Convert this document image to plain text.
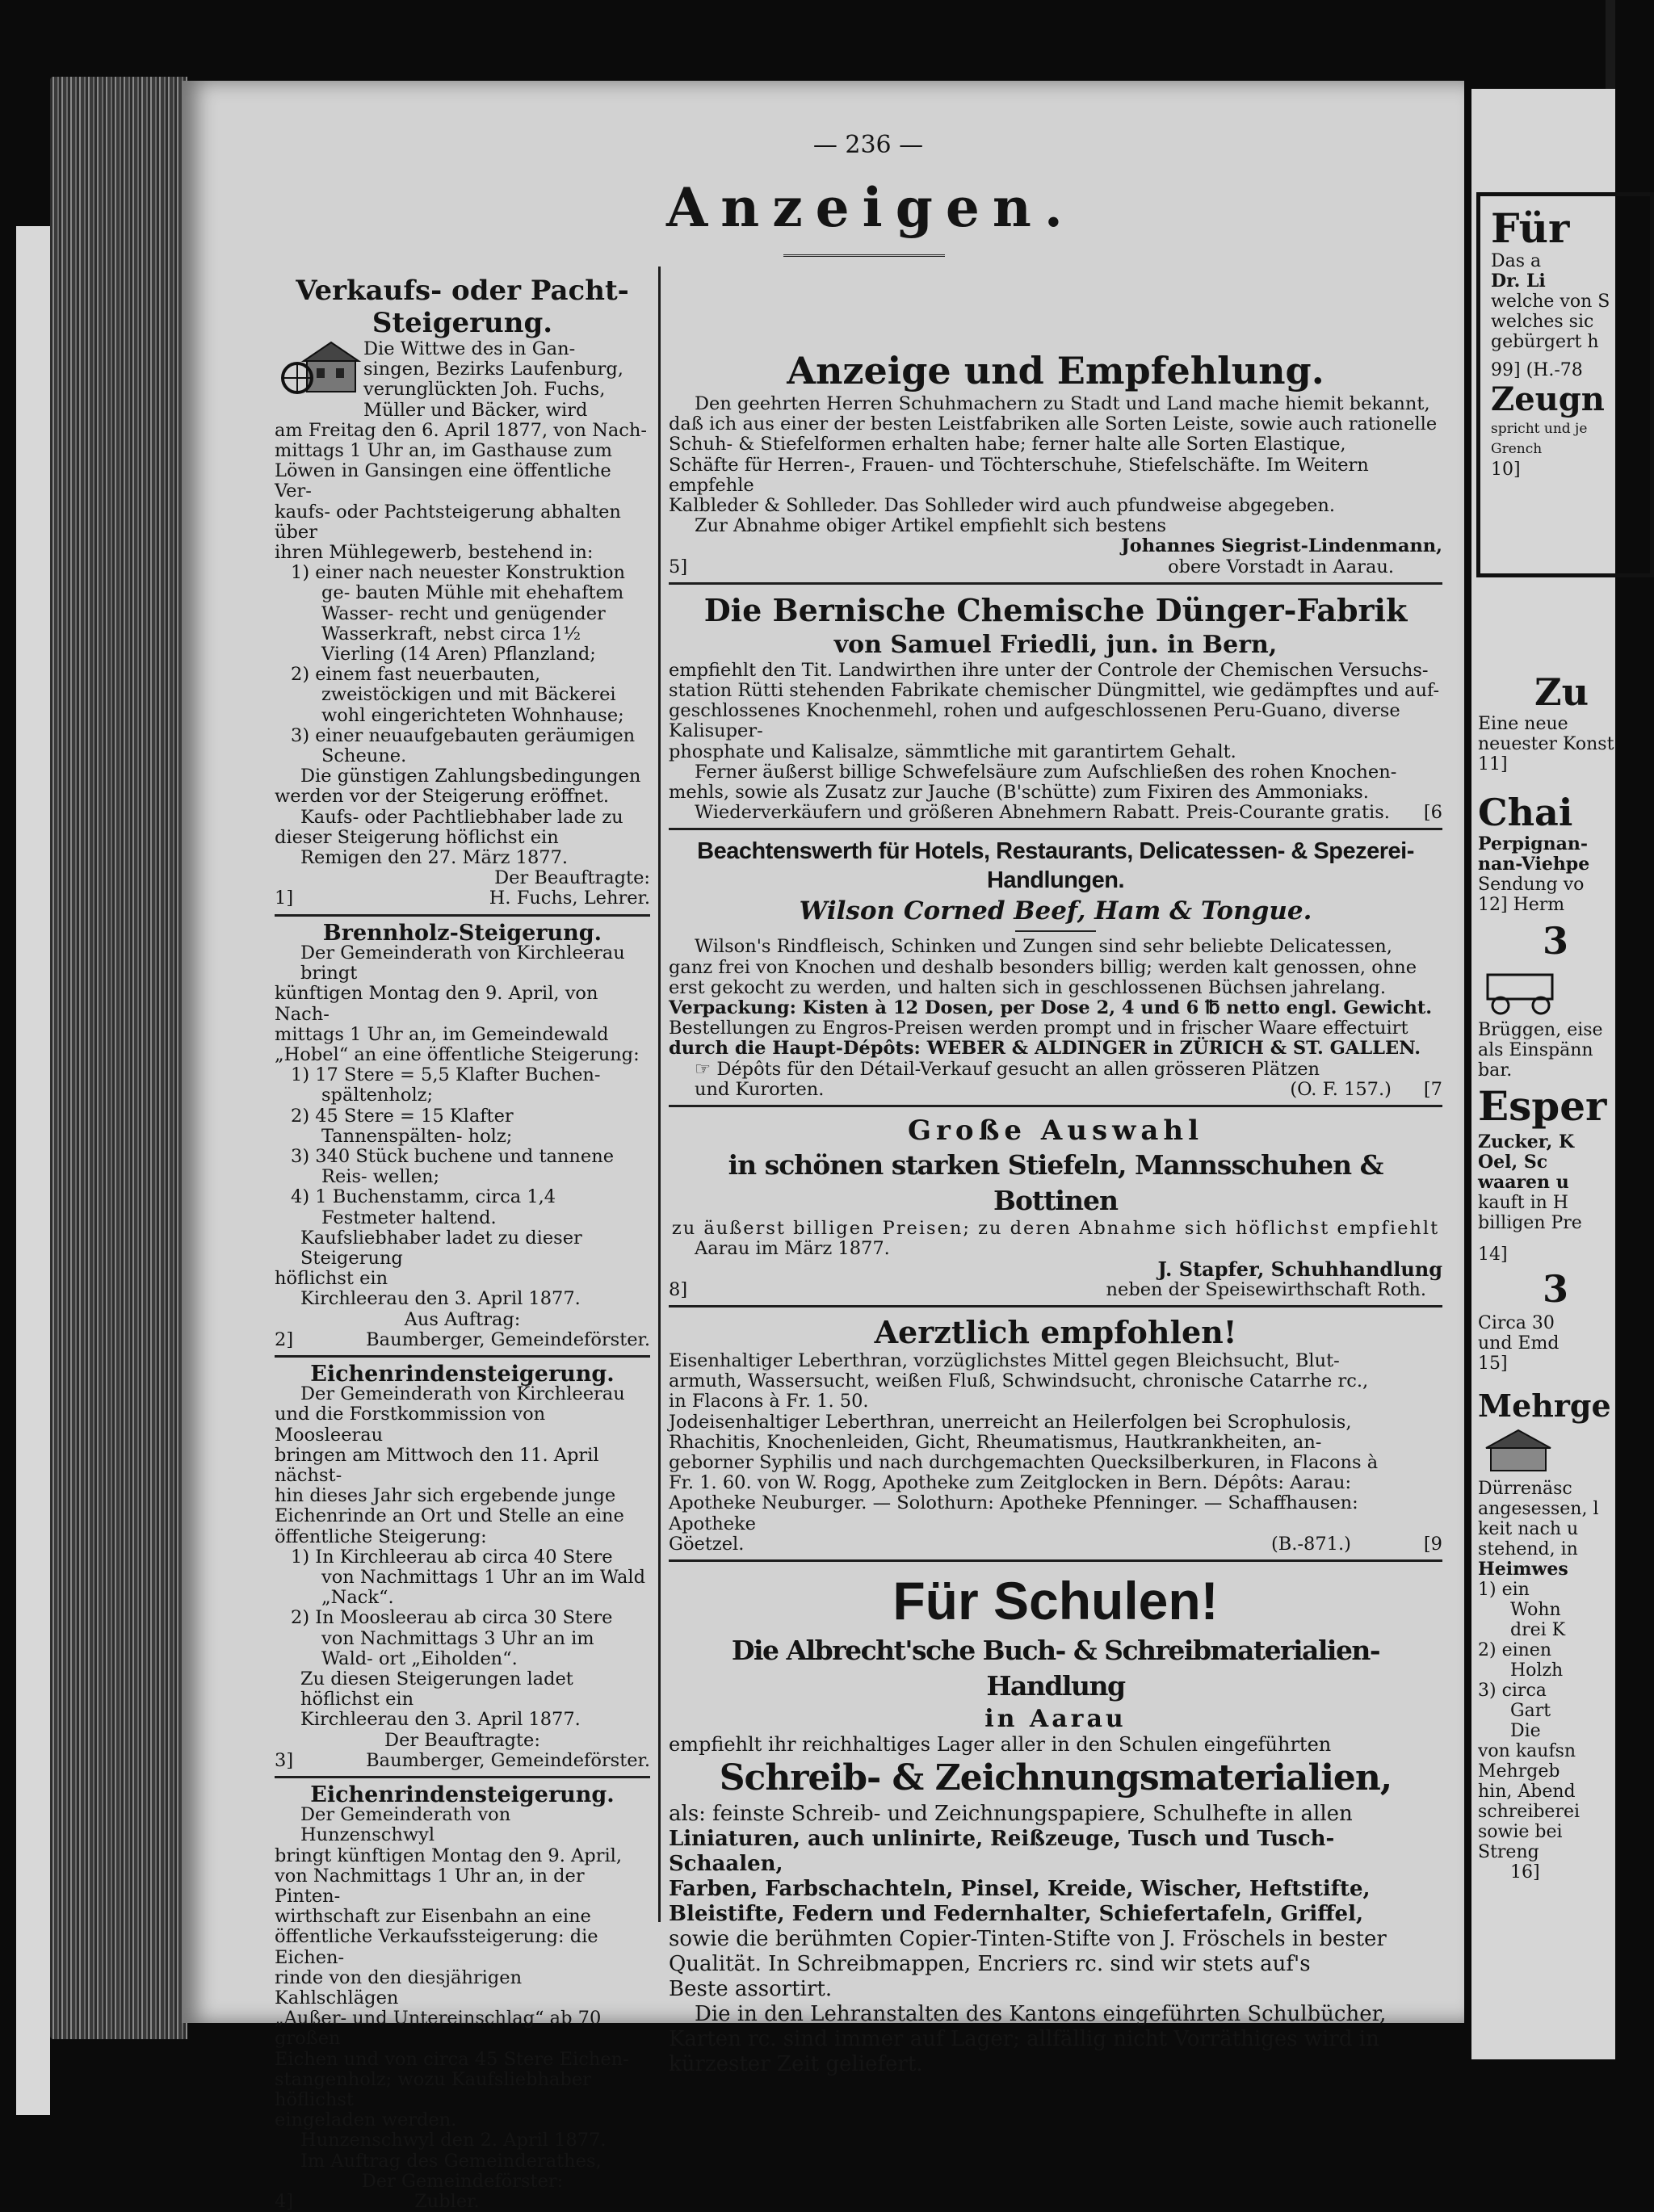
— 236 —
Anzeigen.

Verkaufs- oder Pacht-Steigerung.

Die Wittwe des in Gan-

singen, Bezirks Laufenburg,

verunglückten Joh. Fuchs,

Müller und Bäcker, wird

am Freitag den 6. April 1877, von Nach-

mittags 1 Uhr an, im Gasthause zum

Löwen in Gansingen eine öffentliche Ver-

kaufs- oder Pachtsteigerung abhalten über

ihren Mühlegewerb, bestehend in:

1) einer nach neuester Konstruktion ge- bauten Mühle mit ehehaftem Wasser- recht und genügender Wasserkraft, nebst circa 1½ Vierling (14 Aren) Pflanzland;

2) einem fast neuerbauten, zweistöckigen und mit Bäckerei wohl eingerichteten Wohnhause;

3) einer neuaufgebauten geräumigen Scheune.

Die günstigen Zahlungsbedingungen

werden vor der Steigerung eröffnet.

Kaufs- oder Pachtliebhaber lade zu

dieser Steigerung höflichst ein

Remigen den 27. März 1877.

Der Beauftragte:

1]	H. Fuchs, Lehrer.

Brennholz-Steigerung.

Der Gemeinderath von Kirchleerau bringt

künftigen Montag den 9. April, von Nach-

mittags 1 Uhr an, im Gemeindewald

„Hobel“ an eine öffentliche Steigerung:

1) 17 Stere = 5,5 Klafter Buchen- spältenholz;

2) 45 Stere = 15 Klafter Tannenspälten- holz;

3) 340 Stück buchene und tannene Reis- wellen;

4) 1 Buchenstamm, circa 1,4 Festmeter haltend.

Kaufsliebhaber ladet zu dieser Steigerung

höflichst ein

Kirchleerau den 3. April 1877.

Aus Auftrag:

2]	Baumberger, Gemeindeförster.

Eichenrindensteigerung.

Der Gemeinderath von Kirchleerau

und die Forstkommission von Moosleerau

bringen am Mittwoch den 11. April nächst-

hin dieses Jahr sich ergebende junge

Eichenrinde an Ort und Stelle an eine

öffentliche Steigerung:

1) In Kirchleerau ab circa 40 Stere von Nachmittags 1 Uhr an im Wald „Nack“.

2) In Moosleerau ab circa 30 Stere von Nachmittags 3 Uhr an im Wald- ort „Eiholden“.

Zu diesen Steigerungen ladet höflichst ein

Kirchleerau den 3. April 1877.

Der Beauftragte:

3]	Baumberger, Gemeindeförster.

Eichenrindensteigerung.

Der Gemeinderath von Hunzenschwyl

bringt künftigen Montag den 9. April,

von Nachmittags 1 Uhr an, in der Pinten-

wirthschaft zur Eisenbahn an eine

öffentliche Verkaufssteigerung: die Eichen-

rinde von den diesjährigen Kahlschlägen

„Außer- und Untereinschlag“ ab 70 großen

Eichen und von circa 45 Stere Eichen-

stangenholz; wozu Kaufsliebhaber höflichst

eingeladen werden.

Hunzenschwyl den 2. April 1877.

Im Auftrag des Gemeinderathes,

Der Gemeindeförster:

4]	Zubler.

Anzeige und Empfehlung.

Den geehrten Herren Schuhmachern zu Stadt und Land mache hiemit bekannt,

daß ich aus einer der besten Leistfabriken alle Sorten Leiste, sowie auch rationelle

Schuh- & Stiefelformen erhalten habe; ferner halte alle Sorten Elastique,

Schäfte für Herren-, Frauen- und Töchterschuhe, Stiefelschäfte. Im Weitern empfehle

Kalbleder & Sohlleder. Das Sohlleder wird auch pfundweise abgegeben.

Zur Abnahme obiger Artikel empfiehlt sich bestens

Johannes Siegrist-Lindenmann,

5]	obere Vorstadt in Aarau.

Die Bernische Chemische Dünger-Fabrik

von Samuel Friedli, jun. in Bern,

empfiehlt den Tit. Landwirthen ihre unter der Controle der Chemischen Versuchs-

station Rütti stehenden Fabrikate chemischer Düngmittel, wie gedämpftes und auf-

geschlossenes Knochenmehl, rohen und aufgeschlossenen Peru-Guano, diverse Kalisuper-

phosphate und Kalisalze, sämmtliche mit garantirtem Gehalt.

Ferner äußerst billige Schwefelsäure zum Aufschließen des rohen Knochen-

mehls, sowie als Zusatz zur Jauche (B'schütte) zum Fixiren des Ammoniaks.

Wiederverkäufern und größeren Abnehmern Rabatt. Preis-Courante gratis. [6

Beachtenswerth für Hotels, Restaurants, Delicatessen- & Spezerei-Handlungen.

Wilson Corned Beef, Ham & Tongue.

Wilson's Rindfleisch, Schinken und Zungen sind sehr beliebte Delicatessen,

ganz frei von Knochen und deshalb besonders billig; werden kalt genossen, ohne

erst gekocht zu werden, und halten sich in geschlossenen Büchsen jahrelang.

Verpackung: Kisten à 12 Dosen, per Dose 2, 4 und 6 ℔ netto engl. Gewicht.

Bestellungen zu Engros-Preisen werden prompt und in frischer Waare effectuirt

durch die Haupt-Dépôts: WEBER & ALDINGER in ZÜRICH & ST. GALLEN.

☞ Dépôts für den Détail-Verkauf gesucht an allen grösseren Plätzen

und Kurorten.	[7
(O. F. 157.)

Große Auswahl

in schönen starken Stiefeln, Mannsschuhen & Bottinen

zu äußerst billigen Preisen; zu deren Abnahme sich höflichst empfiehlt

Aarau im März 1877.

J. Stapfer, Schuhhandlung

8]	neben der Speisewirthschaft Roth.

Aerztlich empfohlen!

Eisenhaltiger Leberthran, vorzüglichstes Mittel gegen Bleichsucht, Blut-

armuth, Wassersucht, weißen Fluß, Schwindsucht, chronische Catarrhe rc.,

in Flacons à Fr. 1. 50.

Jodeisenhaltiger Leberthran, unerreicht an Heilerfolgen bei Scrophulosis,

Rhachitis, Knochenleiden, Gicht, Rheumatismus, Hautkrankheiten, an-

geborner Syphilis und nach durchgemachten Quecksilberkuren, in Flacons à

Fr. 1. 60. von W. Rogg, Apotheke zum Zeitglocken in Bern. Dépôts: Aarau:

Apotheke Neuburger. — Solothurn: Apotheke Pfenninger. — Schaffhausen: Apotheke

Göetzel.	[9
(B.-871.)

Für Schulen!

Die Albrecht'sche Buch- & Schreibmaterialien-Handlung

in Aarau

empfiehlt ihr reichhaltiges Lager aller in den Schulen eingeführten

Schreib- & Zeichnungsmaterialien,

als: feinste Schreib- und Zeichnungspapiere, Schulhefte in allen

Liniaturen, auch unlinirte, Reißzeuge, Tusch und Tusch-Schaalen,

Farben, Farbschachteln, Pinsel, Kreide, Wischer, Heftstifte,

Bleistifte, Federn und Federnhalter, Schiefertafeln, Griffel,

sowie die berühmten Copier-Tinten-Stifte von J. Fröschels in bester

Qualität. In Schreibmappen, Encriers rc. sind wir stets auf's

Beste assortirt.

Die in den Lehranstalten des Kantons eingeführten Schulbücher,

Karten rc. sind immer auf Lager; allfällig nicht Vorräthiges wird in

kürzester Zeit geliefert.

Für

Das a

Dr. Li

welche von S

welches sic

gebürgert h

99] (H.-78

Zeugn

spricht und je

Grench

10]

Zu

Eine neue

neuester Konst

11]

Chai

Perpignan-

nan-Viehpe

Sendung vo

12] Herm

3

Brüggen, eise

als Einspänn

bar.

Esper

Zucker, K

Oel, Sc

waaren u

kauft in H

billigen Pre

14]

3

Circa 30

und Emd

15]

Mehrge

Dürrenäsc

angesessen, l

keit nach u

stehend, in

Heimwes

1) ein

Wohn

drei K

2) einen

Holzh

3) circa

Gart

Die

von kaufsn

Mehrgeb

hin, Abend

schreiberei

sowie bei

Streng

16]
